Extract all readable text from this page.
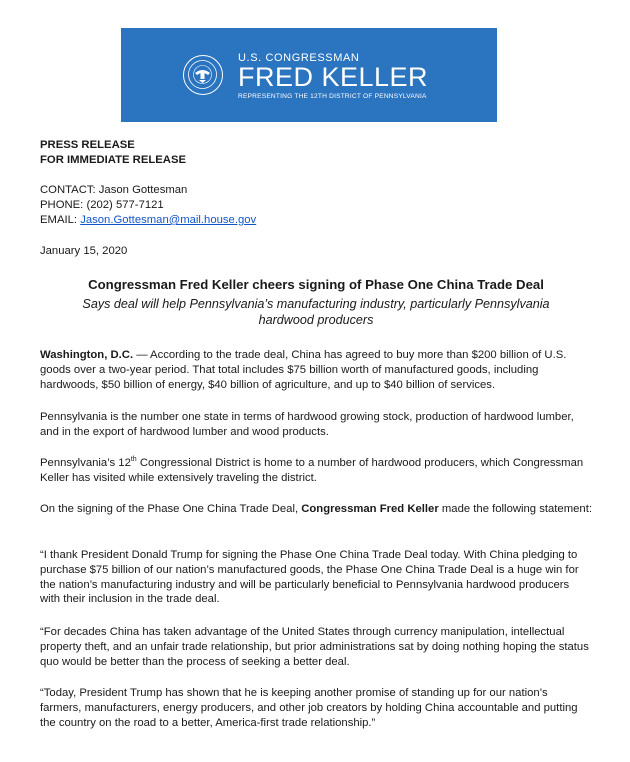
U.S. CONGRESSMAN
FRED KELLER
REPRESENTING THE 12TH DISTRICT OF PENNSYLVANIA
PRESS RELEASE
FOR IMMEDIATE RELEASE
CONTACT: Jason Gottesman
PHONE: (202) 577-7121
EMAIL: Jason.Gottesman@mail.house.gov
January 15, 2020
Congressman Fred Keller cheers signing of Phase One China Trade Deal
Says deal will help Pennsylvania’s manufacturing industry, particularly Pennsylvania hardwood producers
Washington, D.C. — According to the trade deal, China has agreed to buy more than $200 billion of U.S. goods over a two-year period. That total includes $75 billion worth of manufactured goods, including hardwoods, $50 billion of energy, $40 billion of agriculture, and up to $40 billion of services.
Pennsylvania is the number one state in terms of hardwood growing stock, production of hardwood lumber, and in the export of hardwood lumber and wood products.
Pennsylvania’s 12th Congressional District is home to a number of hardwood producers, which Congressman Keller has visited while extensively traveling the district.
On the signing of the Phase One China Trade Deal, Congressman Fred Keller made the following statement:
“I thank President Donald Trump for signing the Phase One China Trade Deal today. With China pledging to purchase $75 billion of our nation’s manufactured goods, the Phase One China Trade Deal is a huge win for the nation’s manufacturing industry and will be particularly beneficial to Pennsylvania hardwood producers with their inclusion in the trade deal.
“For decades China has taken advantage of the United States through currency manipulation, intellectual property theft, and an unfair trade relationship, but prior administrations sat by doing nothing hoping the status quo would be better than the process of seeking a better deal.
“Today, President Trump has shown that he is keeping another promise of standing up for our nation’s farmers, manufacturers, energy producers, and other job creators by holding China accountable and putting the country on the road to a better, America-first trade relationship.”
